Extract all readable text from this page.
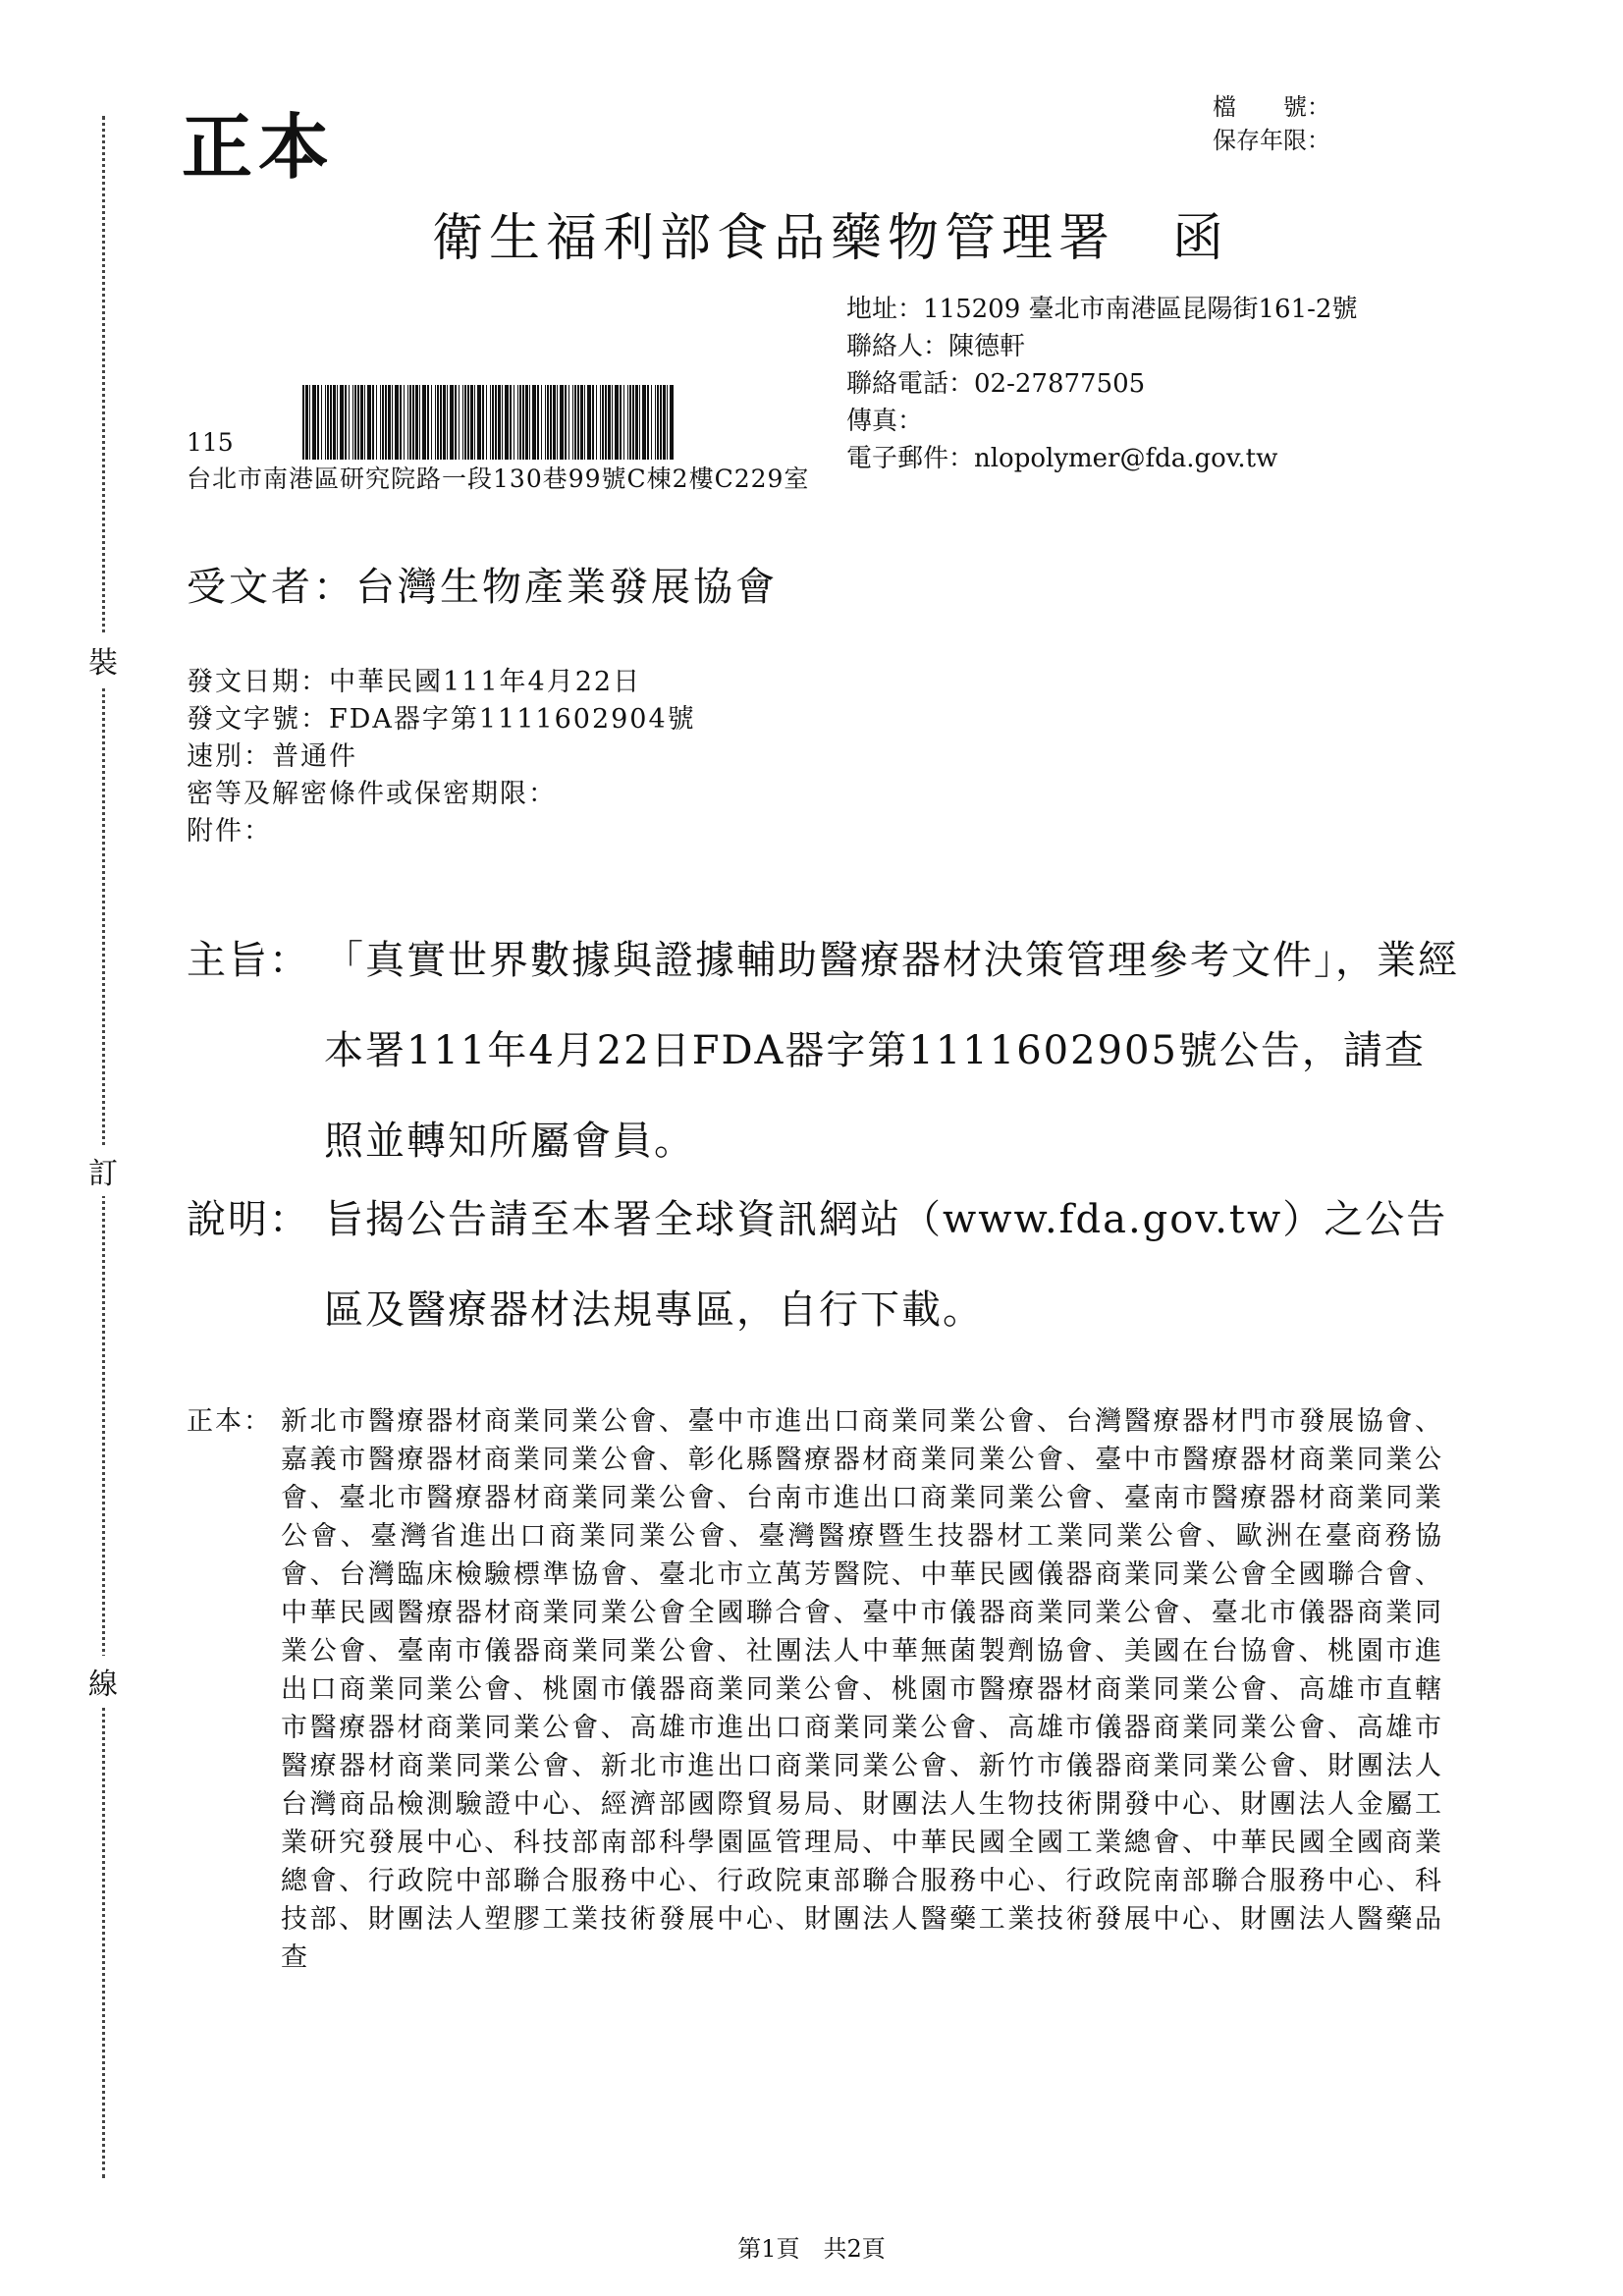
裝
訂
線
正本	檔　　號：
保存年限：
衛生福利部食品藥物管理署　函
地址：115209 臺北市南港區昆陽街161-2號
聯絡人：陳德軒
聯絡電話：02-27877505
傳真：
電子郵件：nlopolymer@fda.gov.tw
115
台北市南港區研究院路一段130巷99號C棟2樓C229室
受文者：台灣生物產業發展協會
發文日期：中華民國111年4月22日
發文字號：FDA器字第1111602904號
速別：普通件
密等及解密條件或保密期限：
附件：
主旨： 「真實世界數據與證據輔助醫療器材決策管理參考文件」，業經本署111年4月22日FDA器字第1111602905號公告，請查照並轉知所屬會員。
說明： 旨揭公告請至本署全球資訊網站（www.fda.gov.tw）之公告區及醫療器材法規專區，自行下載。
正本： 新北市醫療器材商業同業公會、臺中市進出口商業同業公會、台灣醫療器材門市發展協會、嘉義市醫療器材商業同業公會、彰化縣醫療器材商業同業公會、臺中市醫療器材商業同業公會、臺北市醫療器材商業同業公會、台南市進出口商業同業公會、臺南市醫療器材商業同業公會、臺灣省進出口商業同業公會、臺灣醫療暨生技器材工業同業公會、歐洲在臺商務協會、台灣臨床檢驗標準協會、臺北市立萬芳醫院、中華民國儀器商業同業公會全國聯合會、中華民國醫療器材商業同業公會全國聯合會、臺中市儀器商業同業公會、臺北市儀器商業同業公會、臺南市儀器商業同業公會、社團法人中華無菌製劑協會、美國在台協會、桃園市進出口商業同業公會、桃園市儀器商業同業公會、桃園市醫療器材商業同業公會、高雄市直轄市醫療器材商業同業公會、高雄市進出口商業同業公會、高雄市儀器商業同業公會、高雄市醫療器材商業同業公會、新北市進出口商業同業公會、新竹市儀器商業同業公會、財團法人台灣商品檢測驗證中心、經濟部國際貿易局、財團法人生物技術開發中心、財團法人金屬工業研究發展中心、科技部南部科學園區管理局、中華民國全國工業總會、中華民國全國商業總會、行政院中部聯合服務中心、行政院東部聯合服務中心、行政院南部聯合服務中心、科技部、財團法人塑膠工業技術發展中心、財團法人醫藥工業技術發展中心、財團法人醫藥品查
第1頁　共2頁
